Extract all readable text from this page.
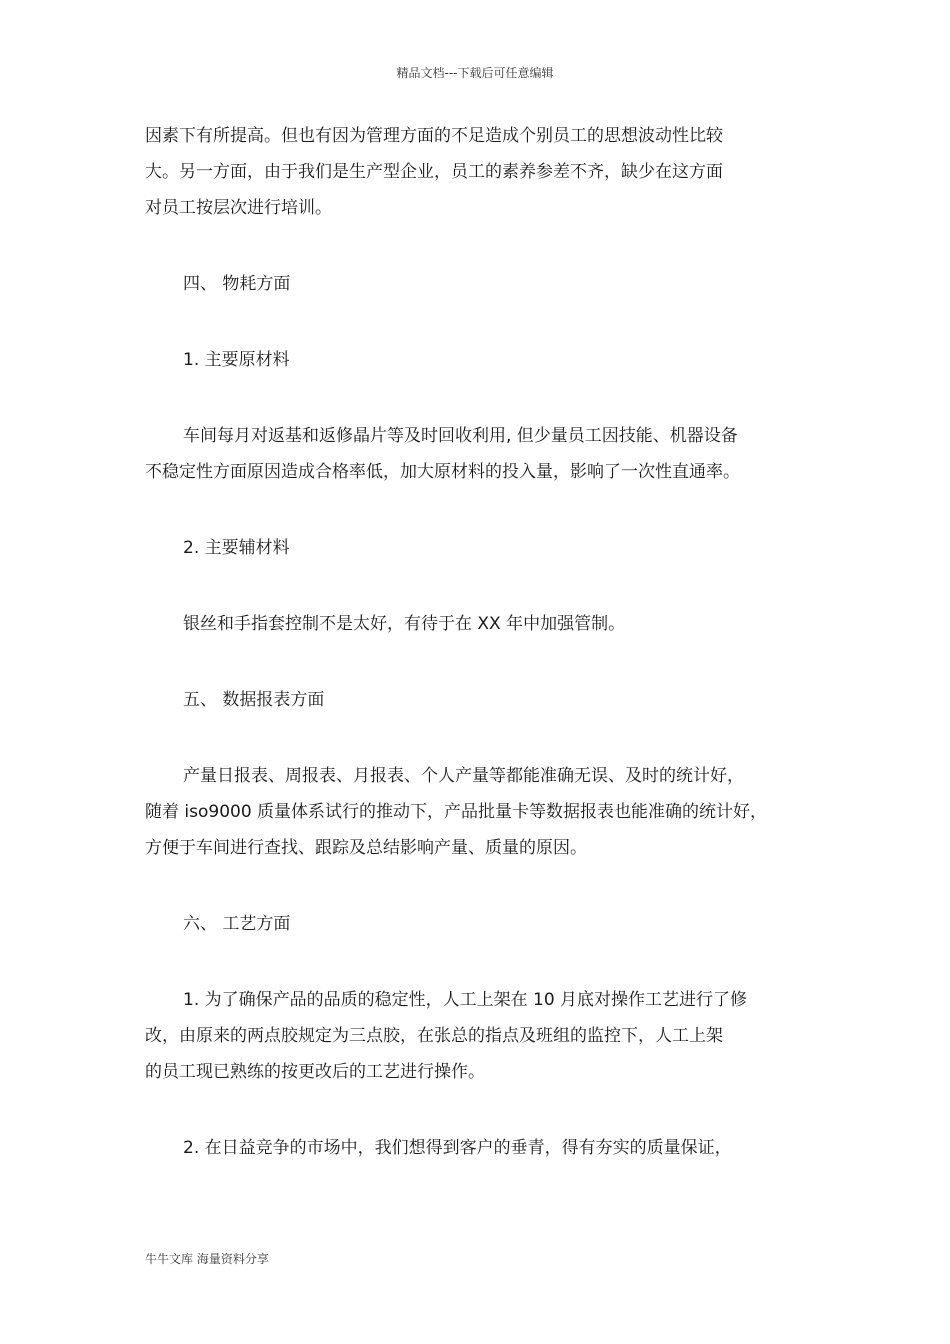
精品文档---下载后可任意编辑

因素下有所提高。但也有因为管理方面的不足造成个别员工的思想波动性比较

大。另一方面，由于我们是生产型企业，员工的素养参差不齐，缺少在这方面

对员工按层次进行培训。

四、 物耗方面

1. 主要原材料

车间每月对返基和返修晶片等及时回收利用, 但少量员工因技能、机器设备

不稳定性方面原因造成合格率低，加大原材料的投入量，影响了一次性直通率。

2. 主要辅材料

银丝和手指套控制不是太好，有待于在 XX 年中加强管制。

五、 数据报表方面

产量日报表、周报表、月报表、个人产量等都能准确无误、及时的统计好，

随着 iso9000 质量体系试行的推动下，产品批量卡等数据报表也能准确的统计好，

方便于车间进行查找、跟踪及总结影响产量、质量的原因。

六、 工艺方面

1. 为了确保产品的品质的稳定性，人工上架在 10 月底对操作工艺进行了修

改，由原来的两点胶规定为三点胶，在张总的指点及班组的监控下，人工上架

的员工现已熟练的按更改后的工艺进行操作。

2. 在日益竞争的市场中，我们想得到客户的垂青，得有夯实的质量保证，

牛牛文库 海量资料分享
